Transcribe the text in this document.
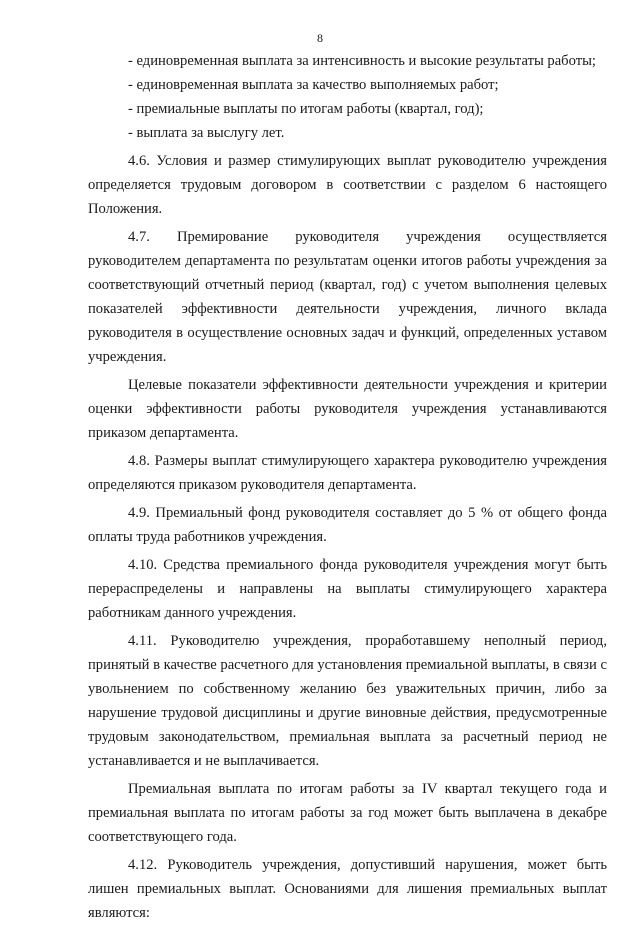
8

- единовременная выплата за интенсивность и высокие результаты работы;

- единовременная выплата за качество выполняемых работ;

- премиальные выплаты по итогам работы (квартал, год);

- выплата за выслугу лет.

4.6. Условия и размер стимулирующих выплат руководителю учреждения определяется трудовым договором в соответствии с разделом 6 настоящего Положения.

4.7. Премирование руководителя учреждения осуществляется руководителем департамента по результатам оценки итогов работы учреждения за соответствующий отчетный период (квартал, год) с учетом выполнения целевых показателей эффективности деятельности учреждения, личного вклада руководителя в осуществление основных задач и функций, определенных уставом учреждения.

Целевые показатели эффективности деятельности учреждения и критерии оценки эффективности работы руководителя учреждения устанавливаются приказом департамента.

4.8. Размеры выплат стимулирующего характера руководителю учреждения определяются приказом руководителя департамента.

4.9. Премиальный фонд руководителя составляет до 5 % от общего фонда оплаты труда работников учреждения.

4.10. Средства премиального фонда руководителя учреждения могут быть перераспределены и направлены на выплаты стимулирующего характера работникам данного учреждения.

4.11. Руководителю учреждения, проработавшему неполный период, принятый в качестве расчетного для установления премиальной выплаты, в связи с увольнением по собственному желанию без уважительных причин, либо за нарушение трудовой дисциплины и другие виновные действия, предусмотренные трудовым законодательством, премиальная выплата за расчетный период не устанавливается и не выплачивается.

Премиальная выплата по итогам работы за IV квартал текущего года и премиальная выплата по итогам работы за год может быть выплачена в декабре соответствующего года.

4.12. Руководитель учреждения, допустивший нарушения, может быть лишен премиальных выплат. Основаниями для лишения премиальных выплат являются:
